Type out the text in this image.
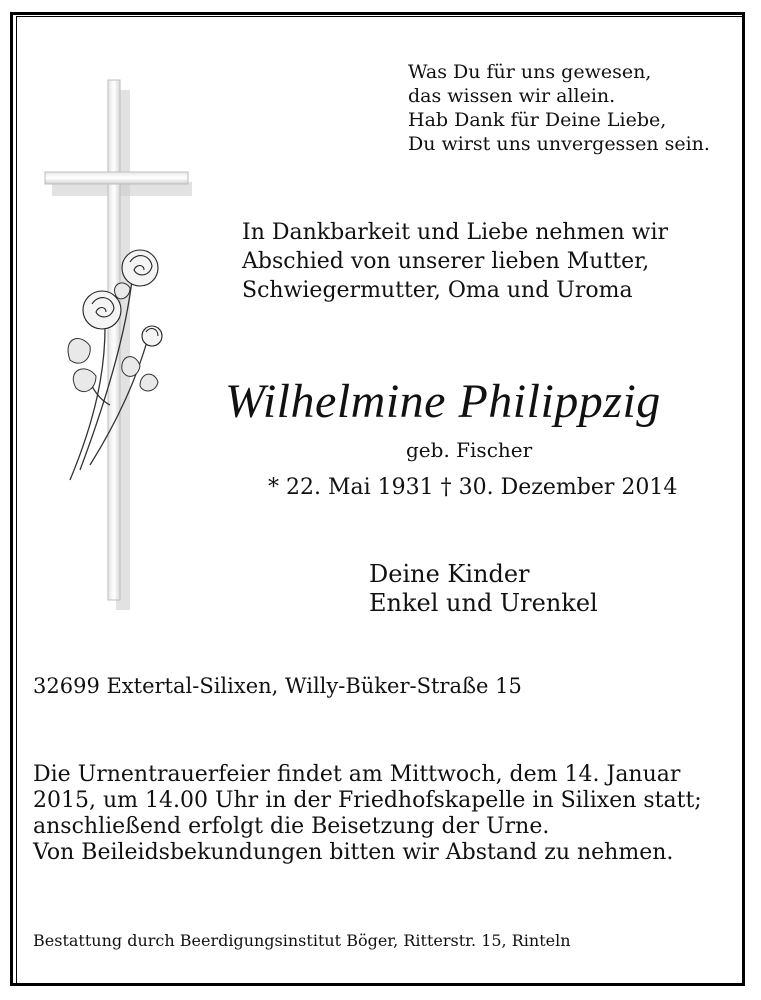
Was Du für uns gewesen,
das wissen wir allein.
Hab Dank für Deine Liebe,
Du wirst uns unvergessen sein.
In Dankbarkeit und Liebe nehmen wir
Abschied von unserer lieben Mutter,
Schwiegermutter, Oma und Uroma
Wilhelmine Philippzig
geb. Fischer
* 22. Mai 1931 † 30. Dezember 2014
Deine Kinder
Enkel und Urenkel
32699 Extertal-Silixen, Willy-Büker-Straße 15
Die Urnentrauerfeier findet am Mittwoch, dem 14. Januar
2015, um 14.00 Uhr in der Friedhofskapelle in Silixen statt;
anschließend erfolgt die Beisetzung der Urne.
Von Beileidsbekundungen bitten wir Abstand zu nehmen.
Bestattung durch Beerdigungsinstitut Böger, Ritterstr. 15, Rinteln
